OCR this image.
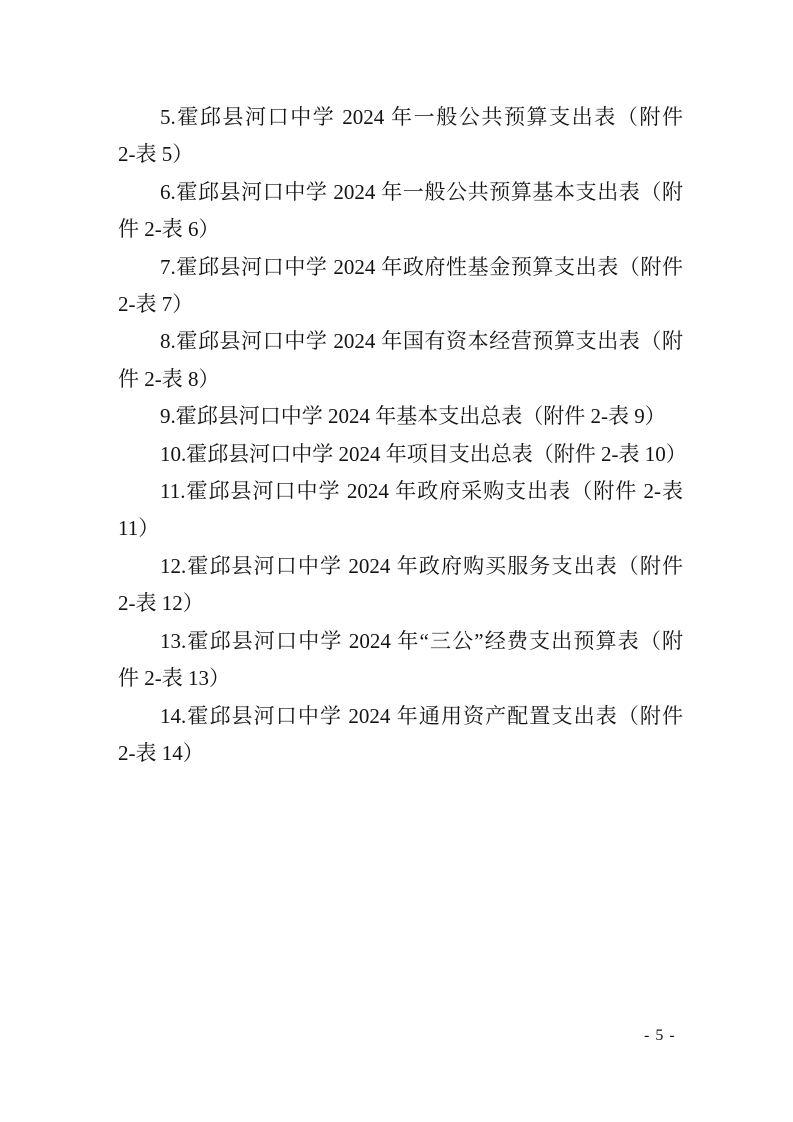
5.霍邱县河口中学 2024 年一般公共预算支出表（附件
2-表 5）
6.霍邱县河口中学 2024 年一般公共预算基本支出表（附
件 2-表 6）
7.霍邱县河口中学 2024 年政府性基金预算支出表（附件
2-表 7）
8.霍邱县河口中学 2024 年国有资本经营预算支出表（附
件 2-表 8）
9.霍邱县河口中学 2024 年基本支出总表（附件 2-表 9）
10.霍邱县河口中学 2024 年项目支出总表（附件 2-表 10）
11.霍邱县河口中学 2024 年政府采购支出表（附件 2-表
11）
12.霍邱县河口中学 2024 年政府购买服务支出表（附件
2-表 12）
13.霍邱县河口中学 2024 年“三公”经费支出预算表（附
件 2-表 13）
14.霍邱县河口中学 2024 年通用资产配置支出表（附件
2-表 14）
- 5 -
